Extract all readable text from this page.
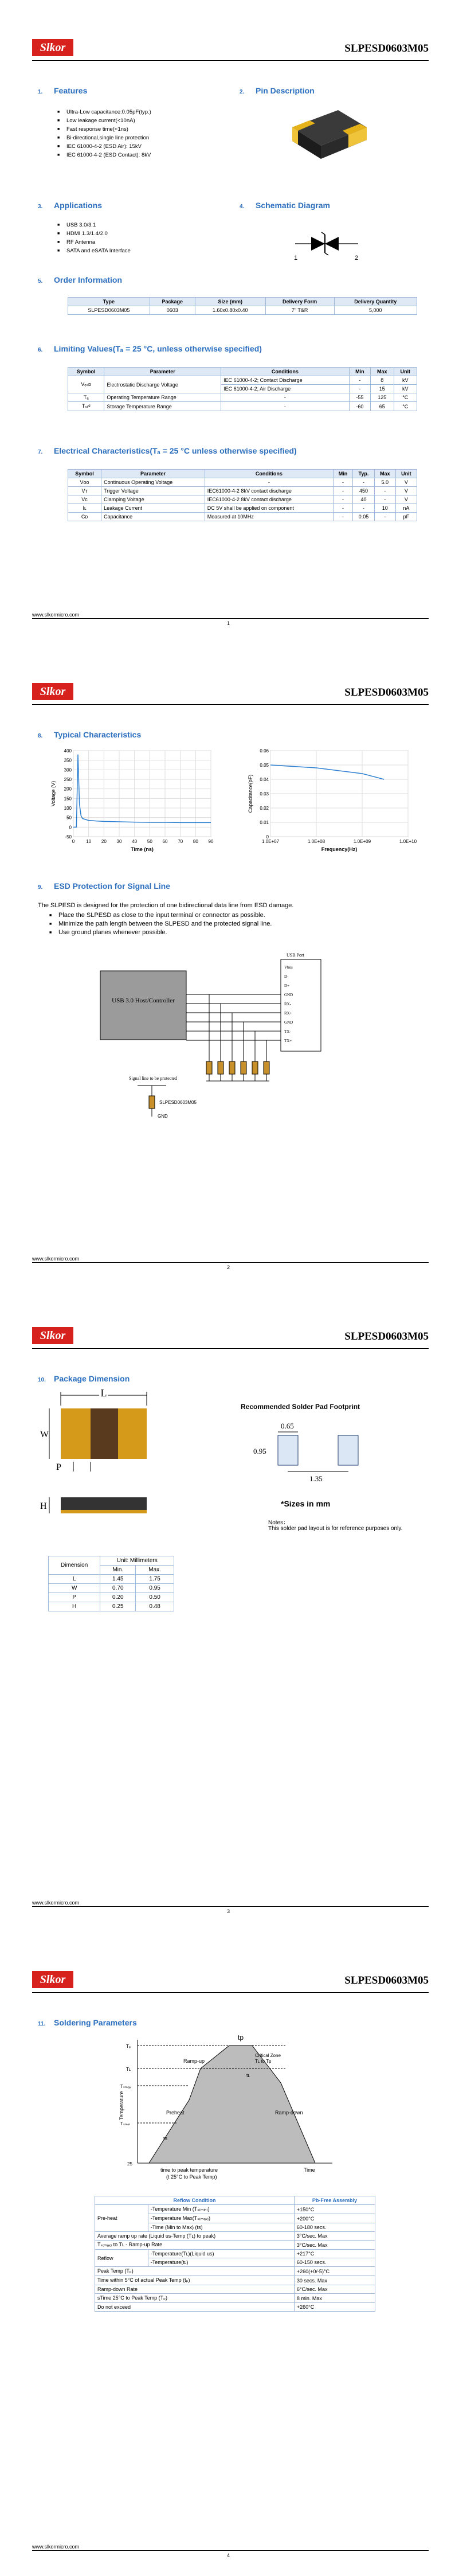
Slkor	SLPESD0603M05
1. Features
■ Ultra-Low capacitance:0.05pF(typ.)
■ Low leakage current(<10nA)
■ Fast response time(<1ns)
■ Bi-directional,single line protection
■ IEC 61000-4-2 (ESD Air): 15kV
■ IEC 61000-4-2 (ESD Contact): 8kV
2. Pin Description
3. Applications
■ USB 3.0/3.1
■ HDMI 1.3/1.4/2.0
■ RF Antenna
■ SATA and eSATA Interface
4. Schematic Diagram
1	2
5. Order Information
Type	Package	Size (mm)	Delivery Form	Delivery Quantity
SLPESD0603M05	0603	1.60x0.80x0.40	7" T&R	5,000
6. Limiting Values(Tₐ = 25 °C, unless otherwise specified)
Symbol	Parameter	Conditions	Min	Max	Unit
Vₑₛᴅ	Electrostatic Discharge Voltage	IEC 61000-4-2; Contact Discharge	-	8	kV
		IEC 61000-4-2; Air Discharge	-	15	kV
Tₐ	Operating Temperature Range	-	-55	125	°C
Tₛₜᵍ	Storage Temperature Range	-	-60	65	°C
7. Electrical Characteristics(Tₐ = 25 °C unless otherwise specified)
Symbol	Parameter	Conditions	Min	Typ.	Max	Unit
Vᴏᴏ	Continuous Operating Voltage	-	-	-	5.0	V
Vᴛ	Trigger Voltage	IEC61000-4-2 8kV contact discharge	-	450	-	V
Vᴄ	Clamping Voltage	IEC61000-4-2 8kV contact discharge	-	40	-	V
Iʟ	Leakage Current	DC 5V shall be applied on component	-	-	10	nA
Cᴅ	Capacitance	Measured at 10MHz	-	0.05	-	pF
www.slkormicro.com
1
Slkor	SLPESD0603M05
8. Typical Characteristics
-50
0
50
100
150
200
250
300
350
400
0 10 20 30 40 50 60 70 80 90
Time (ns)
Voltage (V)
0
0.01
0.02
0.03
0.04
0.05
0.06
1.0E+07	1.0E+08	1.0E+09	1.0E+10
Frequency(Hz)
Capacitance(pF)
9. ESD Protection for Signal Line
The SLPESD is designed for the protection of one bidirectional data line from ESD damage.
■ Place the SLPESD as close to the input terminal or connector as possible.
■ Minimize the path length between the SLPESD and the protected signal line.
■ Use ground planes whenever possible.
USB 3.0 Host/Controller
USB Port
Vbus
D-
D+
GND
RX-
RX+
GND
TX-
TX+
Signal line to be protected
SLPESD0603M05
GND
www.slkormicro.com
2
Slkor	SLPESD0603M05
10. Package Dimension
L
W
P
H
Recommended Solder Pad Footprint
0.65
0.95
1.35
*Sizes in mm
Notes：
This solder pad layout is for reference purposes only.
Dimension	Unit: Millimeters	
	Min.	Max.
L	1.45	1.75
W	0.70	0.95
P	0.20	0.50
H	0.25	0.48
www.slkormicro.com
3
Slkor	SLPESD0603M05
11. Soldering Parameters
Tₚ
Tʟ
Tₛₘₐₓ
Tₛₘᵢₙ
25
tp
Critical Zone
Tʟ to Tp
Ramp-up
Ramp-down
Preheat
ts
tʟ
Temperature
Time
time to peak temperature
(t 25°C to Peak Temp)
Reflow Condition		Pb-Free Assembly
Pre-heat	-Temperature Min (Tₛ₍ₘᵢₙ₎)	+150°C
	-Temperature Max(Tₛ₍ₘₐₓ₎)	+200°C
	-Time (Min to Max) (ts)	60-180 secs.
Average ramp up rate (Liquid us-Temp (Tʟ) to peak)		3°C/sec. Max
Tₛ₍ₘₐₓ₎ to Tʟ - Ramp-up Rate		3°C/sec. Max
Reflow	-Temperature(Tʟ)(Liquid us)	+217°C
	-Temperature(tʟ)	60-150 secs.
Peak Temp (Tₚ)		+260(+0/-5)°C
Time within 5°C of actual Peak Temp (tₚ)		30 secs. Max
Ramp-down Rate		6°C/sec. Max
sTime 25°C to Peak Temp (Tₚ)		8 min. Max
Do not exceed		+260°C
www.slkormicro.com
4
